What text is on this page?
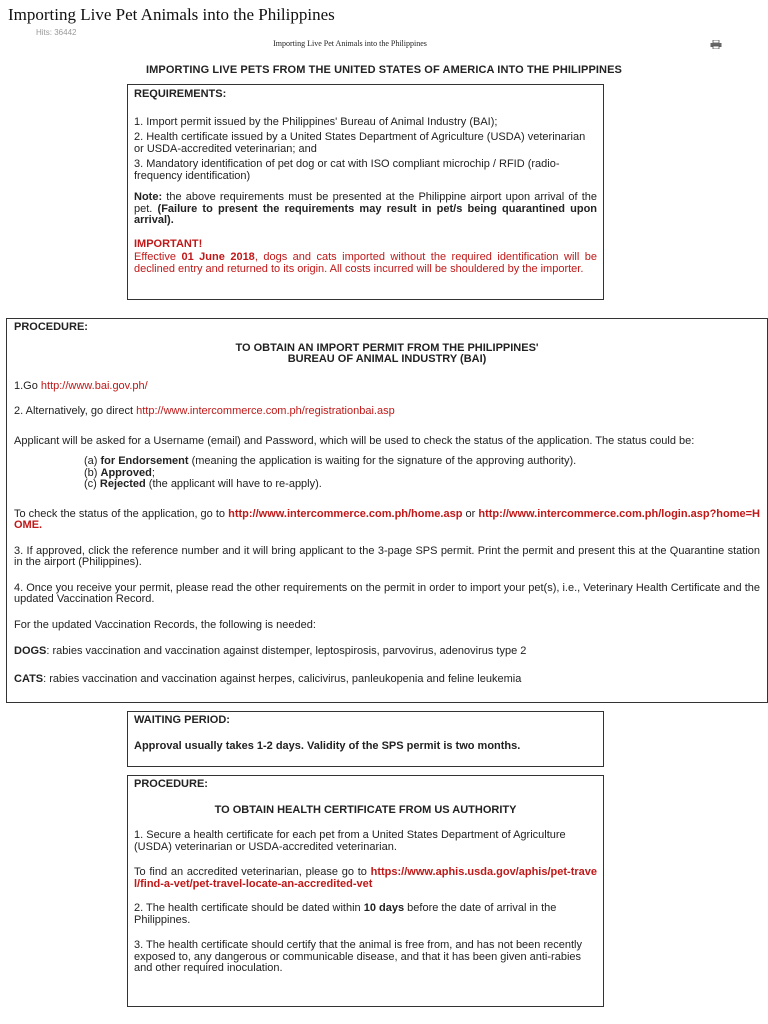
Importing Live Pet Animals into the Philippines
Hits: 36442
Importing Live Pet Animals into the Philippines
IMPORTING LIVE PETS FROM THE UNITED STATES OF AMERICA INTO THE PHILIPPINES

REQUIREMENTS:

1. Import permit issued by the Philippines' Bureau of Animal Industry (BAI);

2. Health certificate issued by a United States Department of Agriculture (USDA) veterinarian or USDA-accredited veterinarian; and

3. Mandatory identification of pet dog or cat with ISO compliant microchip / RFID (radio-frequency identification)

Note: the above requirements must be presented at the Philippine airport upon arrival of the pet. (Failure to present the requirements may result in pet/s being quarantined upon arrival).

IMPORTANT!

Effective 01 June 2018, dogs and cats imported without the required identification will be declined entry and returned to its origin. All costs incurred will be shouldered by the importer.

PROCEDURE:

TO OBTAIN AN IMPORT PERMIT FROM THE PHILIPPINES'

BUREAU OF ANIMAL INDUSTRY (BAI)

1.Go http://www.bai.gov.ph/

2. Alternatively, go direct http://www.intercommerce.com.ph/registrationbai.asp

Applicant will be asked for a Username (email) and Password, which will be used to check the status of the application. The status could be:

(a) for Endorsement (meaning the application is waiting for the signature of the approving authority).

(b) Approved;

(c) Rejected (the applicant will have to re-apply).

To check the status of the application, go to http://www.intercommerce.com.ph/home.asp or http://www.intercommerce.com.ph/login.asp?home=HOME.

3. If approved, click the reference number and it will bring applicant to the 3-page SPS permit. Print the permit and present this at the Quarantine station in the airport (Philippines).

4. Once you receive your permit, please read the other requirements on the permit in order to import your pet(s), i.e., Veterinary Health Certificate and the updated Vaccination Record.

For the updated Vaccination Records, the following is needed:

DOGS: rabies vaccination and vaccination against distemper, leptospirosis, parvovirus, adenovirus type 2

CATS: rabies vaccination and vaccination against herpes, calicivirus, panleukopenia and feline leukemia

WAITING PERIOD:

Approval usually takes 1-2 days. Validity of the SPS permit is two months.

PROCEDURE:

TO OBTAIN HEALTH CERTIFICATE FROM US AUTHORITY

1. Secure a health certificate for each pet from a United States Department of Agriculture (USDA) veterinarian or USDA-accredited veterinarian.

To find an accredited veterinarian, please go to https://www.aphis.usda.gov/aphis/pet-travel/find-a-vet/pet-travel-locate-an-accredited-vet

2. The health certificate should be dated within 10 days before the date of arrival in the Philippines.

3. The health certificate should certify that the animal is free from, and has not been recently exposed to, any dangerous or communicable disease, and that it has been given anti-rabies and other required inoculation.
